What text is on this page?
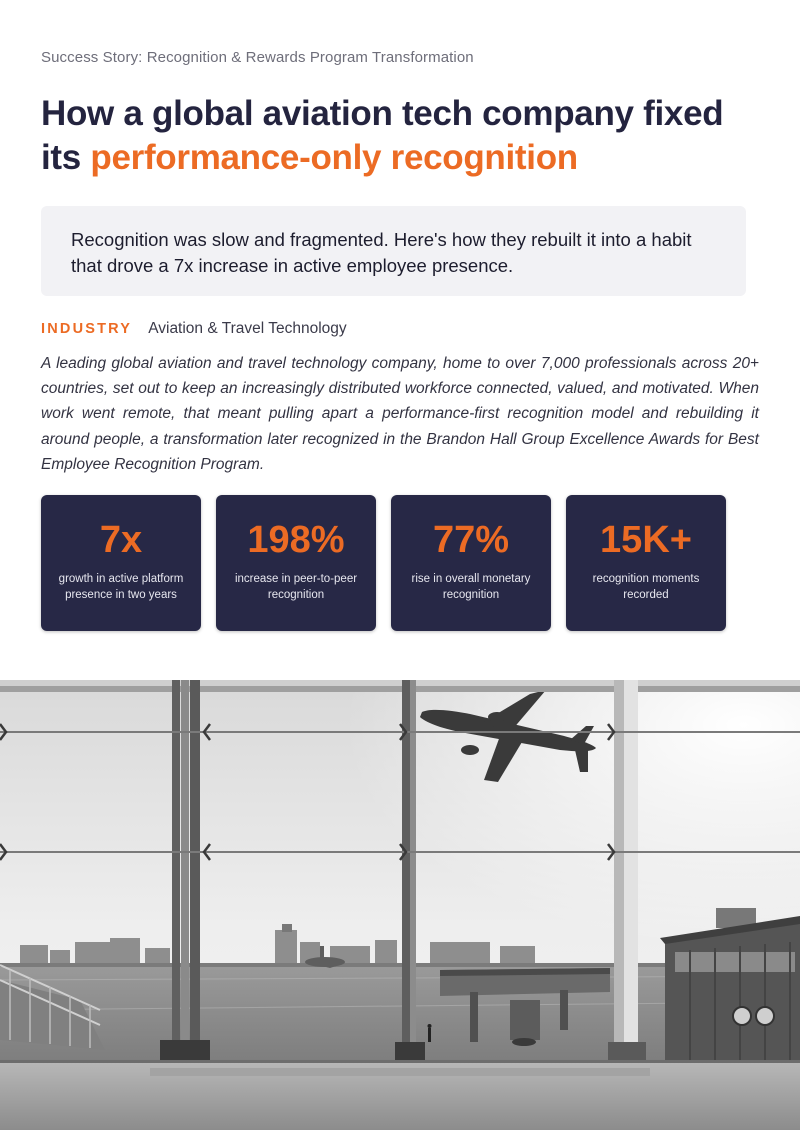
Success Story: Recognition & Rewards Program Transformation
How a global aviation tech company fixed
its performance-only recognition
Recognition was slow and fragmented. Here's how they rebuilt it into a habit that drove a 7x increase in active employee presence.
INDUSTRY Aviation & Travel Technology

A leading global aviation and travel technology company, home to over 7,000 professionals across 20+ countries, set out to keep an increasingly distributed workforce connected, valued, and motivated. When work went remote, that meant pulling apart a performance-first recognition model and rebuilding it around people, a transformation later recognized in the Brandon Hall Group Excellence Awards for Best Employee Recognition Program.

7x
growth in active platform presence in two years
198%
increase in peer-to-peer recognition
77%
rise in overall monetary recognition
15K+
recognition moments recorded
